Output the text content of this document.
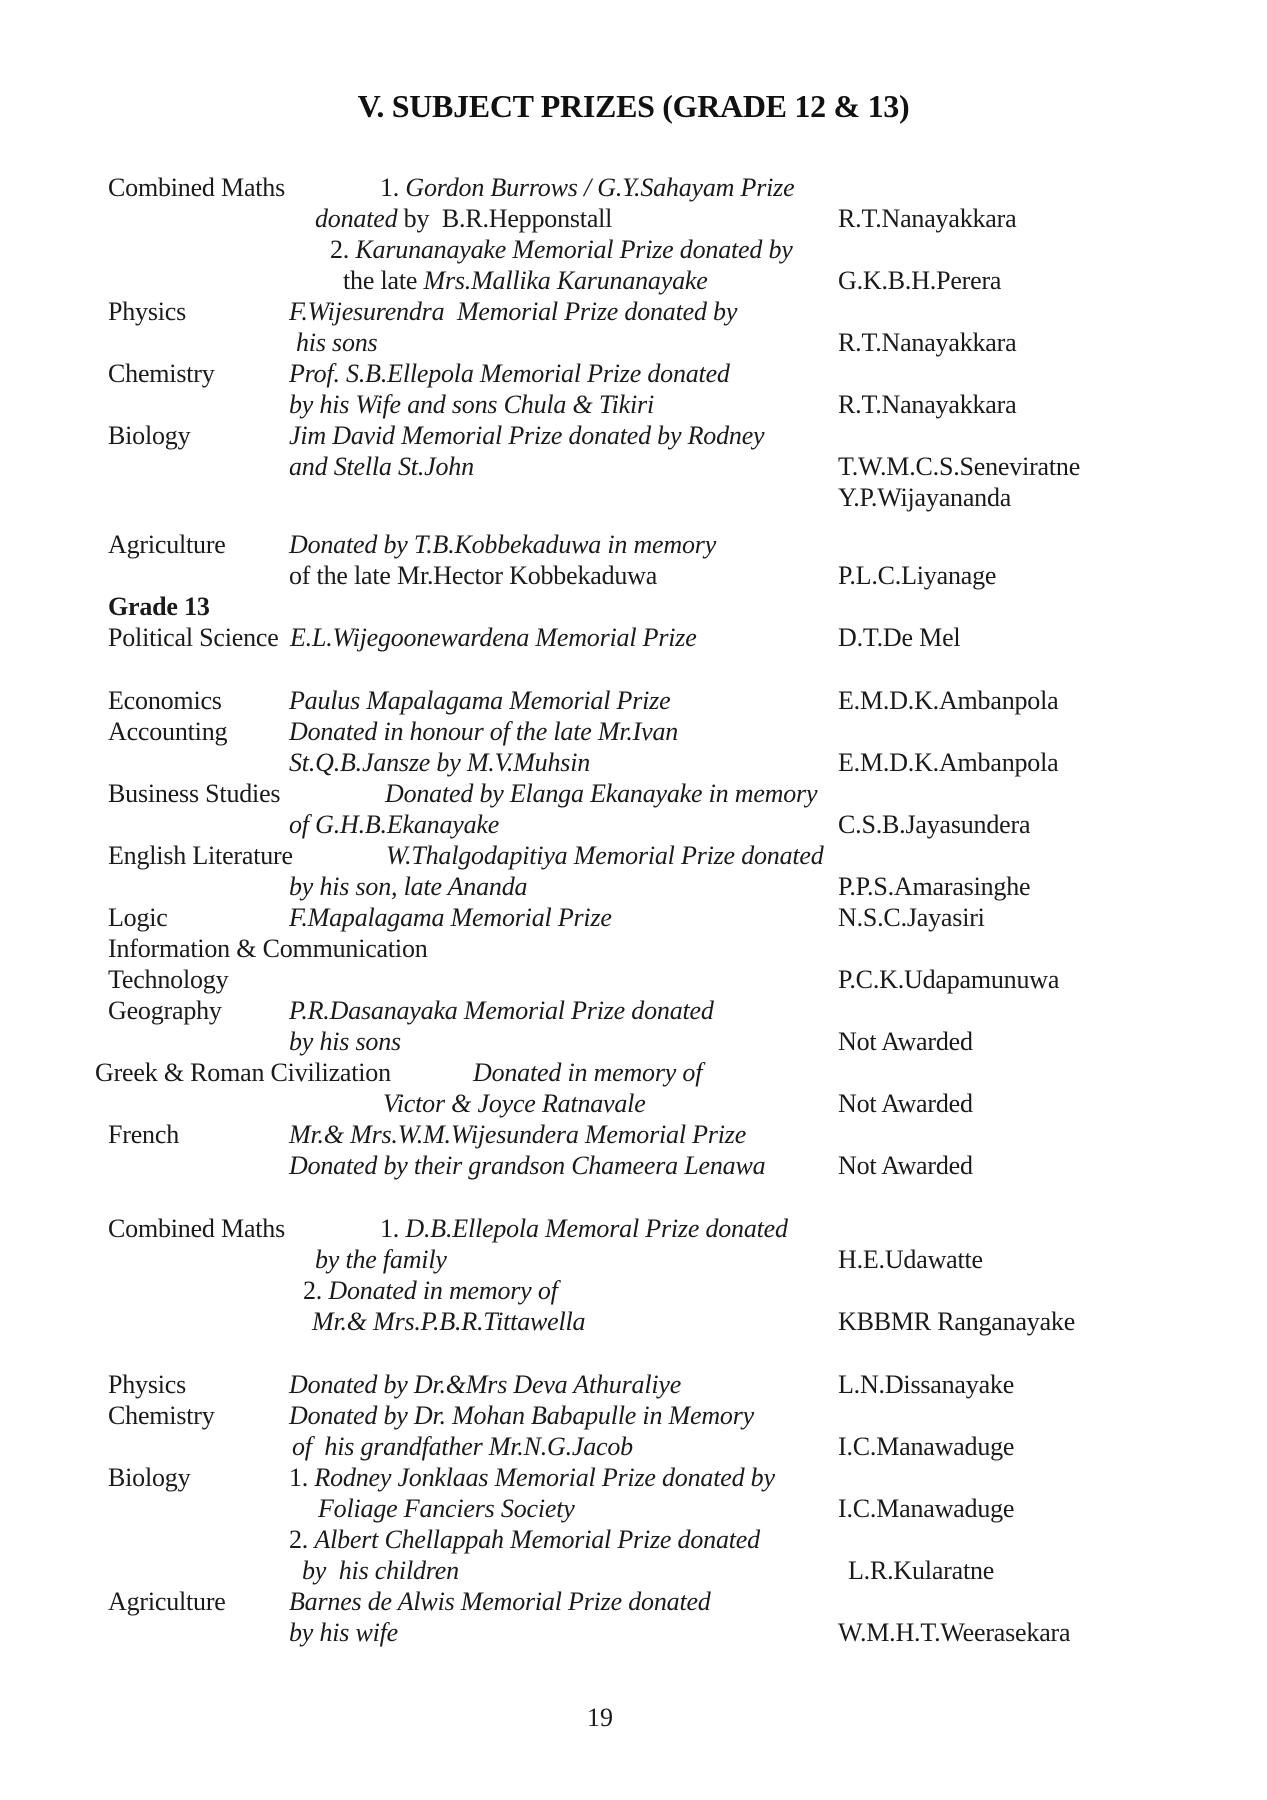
V. SUBJECT PRIZES (GRADE 12 & 13)
Combined Maths	1. Gordon Burrows / G.Y.Sahayam Prize
donated by  B.R.Hepponstall	R.T.Nanayakkara
2. Karunanayake Memorial Prize donated by
the late Mrs.Mallika Karunanayake	G.K.B.H.Perera
Physics	F.Wijesurendra  Memorial Prize donated by
his sons	R.T.Nanayakkara
Chemistry	Prof. S.B.Ellepola Memorial Prize donated
by his Wife and sons Chula & Tikiri	R.T.Nanayakkara
Biology	Jim David Memorial Prize donated by Rodney
and Stella St.John	T.W.M.C.S.Seneviratne
Y.P.Wijayananda
Agriculture Donated by T.B.Kobbekaduwa in memory
of the late Mr.Hector Kobbekaduwa	P.L.C.Liyanage
Grade 13
Political Science E.L.Wijegoonewardena Memorial Prize	D.T.De Mel
Economics	Paulus Mapalagama Memorial Prize	E.M.D.K.Ambanpola
Accounting Donated in honour of the late Mr.Ivan
St.Q.B.Jansze by M.V.Muhsin	E.M.D.K.Ambanpola
Business Studies	Donated by Elanga Ekanayake in memory
of G.H.B.Ekanayake	C.S.B.Jayasundera
English Literature	W.Thalgodapitiya Memorial Prize donated
by his son, late Ananda	P.P.S.Amarasinghe
Logic	F.Mapalagama Memorial Prize	N.S.C.Jayasiri
Information & Communication
Technology	P.C.K.Udapamunuwa
Geography	P.R.Dasanayaka Memorial Prize donated
by his sons	Not Awarded
Greek & Roman Civilization	Donated in memory of
Victor & Joyce Ratnavale	Not Awarded
French	Mr.& Mrs.W.M.Wijesundera Memorial Prize
Donated by their grandson Chameera Lenawa	Not Awarded
Combined Maths	1. D.B.Ellepola Memoral Prize donated
by the family	H.E.Udawatte
2. Donated in memory of
Mr.& Mrs.P.B.R.Tittawella	KBBMR Ranganayake
Physics	Donated by Dr.&Mrs Deva Athuraliye	L.N.Dissanayake
Chemistry	Donated by Dr. Mohan Babapulle in Memory
of  his grandfather Mr.N.G.Jacob	I.C.Manawaduge
Biology	1. Rodney Jonklaas Memorial Prize donated by
Foliage Fanciers Society	I.C.Manawaduge
2. Albert Chellappah Memorial Prize donated
by  his children	L.R.Kularatne
Agriculture Barnes de Alwis Memorial Prize donated
by his wife	W.M.H.T.Weerasekara
19
